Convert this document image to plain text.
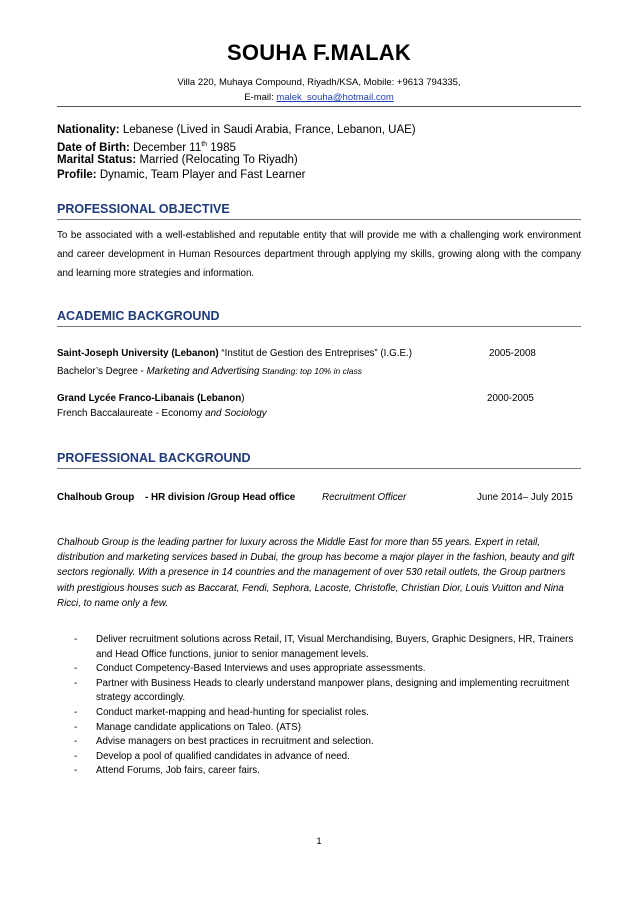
SOUHA F.MALAK
Villa 220, Muhaya Compound, Riyadh/KSA, Mobile: +9613 794335,
E-mail: malek_souha@hotmail.com
Nationality: Lebanese (Lived in Saudi Arabia, France, Lebanon, UAE)
Date of Birth: December 11th 1985
Marital Status: Married (Relocating To Riyadh)
Profile: Dynamic, Team Player and Fast Learner
PROFESSIONAL OBJECTIVE
To be associated with a well-established and reputable entity that will provide me with a challenging work environment and career development in Human Resources department through applying my skills, growing along with the company and learning more strategies and information.
ACADEMIC BACKGROUND
Saint-Joseph University (Lebanon) “Institut de Gestion des Entreprises” (I.G.E.)	2005-2008
Bachelor’s Degree - Marketing and Advertising Standing: top 10% in class
Grand Lycée Franco-Libanais (Lebanon)	2000-2005
French Baccalaureate - Economy and Sociology
PROFESSIONAL BACKGROUND
Chalhoub Group - HR division /Group Head office	Recruitment Officer	June 2014– July 2015
Chalhoub Group is the leading partner for luxury across the Middle East for more than 55 years. Expert in retail, distribution and marketing services based in Dubai, the group has become a major player in the fashion, beauty and gift sectors regionally. With a presence in 14 countries and the management of over 530 retail outlets, the Group partners with prestigious houses such as Baccarat, Fendi, Sephora, Lacoste, Christofle, Christian Dior, Louis Vuitton and Nina Ricci, to name only a few.
- Deliver recruitment solutions across Retail, IT, Visual Merchandising, Buyers, Graphic Designers, HR, Trainers and Head Office functions, junior to senior management levels.
- Conduct Competency-Based Interviews and uses appropriate assessments.
- Partner with Business Heads to clearly understand manpower plans, designing and implementing recruitment strategy accordingly.
- Conduct market-mapping and head-hunting for specialist roles.
- Manage candidate applications on Taleo. (ATS)
- Advise managers on best practices in recruitment and selection.
- Develop a pool of qualified candidates in advance of need.
- Attend Forums, Job fairs, career fairs.
1
